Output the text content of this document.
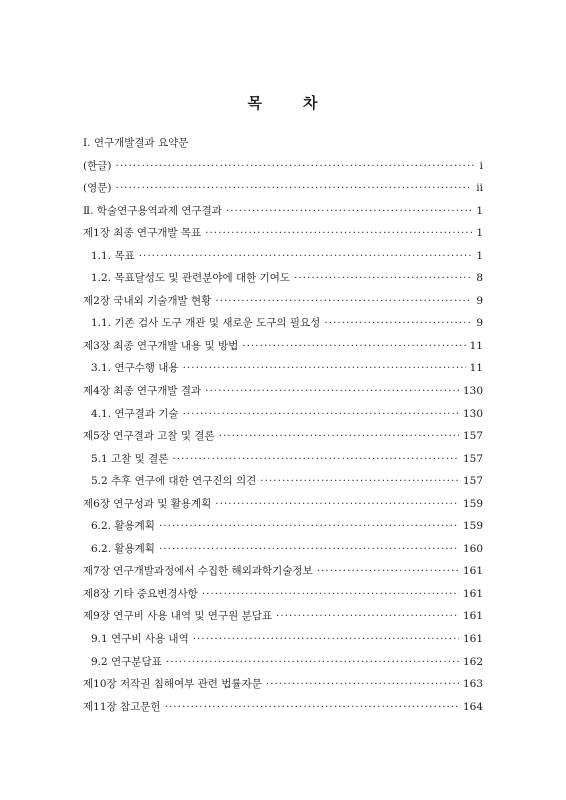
목	차
Ⅰ. 연구개발결과 요약문
(한글) ·····	i
(영문) ·····	ii
Ⅱ. 학술연구용역과제 연구결과 ·····	1
제1장 최종 연구개발 목표 ·····	1
1.1. 목표 ·····	1
1.2. 목표달성도 및 관련분야에 대한 기여도 ·····	8
제2장 국내외 기술개발 현황 ·····	9
1.1. 기존 검사 도구 개관 및 새로운 도구의 필요성 ·····	9
제3장 최종 연구개발 내용 및 방법 ·····	11
3.1. 연구수행 내용 ·····	11
제4장 최종 연구개발 결과 ·····	130
4.1. 연구결과 기술 ·····	130
제5장 연구결과 고찰 및 결론 ·····	157
5.1 고찰 및 결론 ·····	157
5.2 추후 연구에 대한 연구진의 의견 ·····	157
제6장 연구성과 및 활용계획 ·····	159
6.2. 활용계획 ·····	159
6.2. 활용계획 ·····	160
제7장 연구개발과정에서 수집한 해외과학기술정보 ·····	161
제8장 기타 중요변경사항 ·····	161
제9장 연구비 사용 내역 및 연구원 분담표 ·····	161
9.1 연구비 사용 내역 ·····	161
9.2 연구분담표 ·····	162
제10장 저작권 침해여부 관련 법률자문 ·····	163
제11장 참고문헌 ·····	164
